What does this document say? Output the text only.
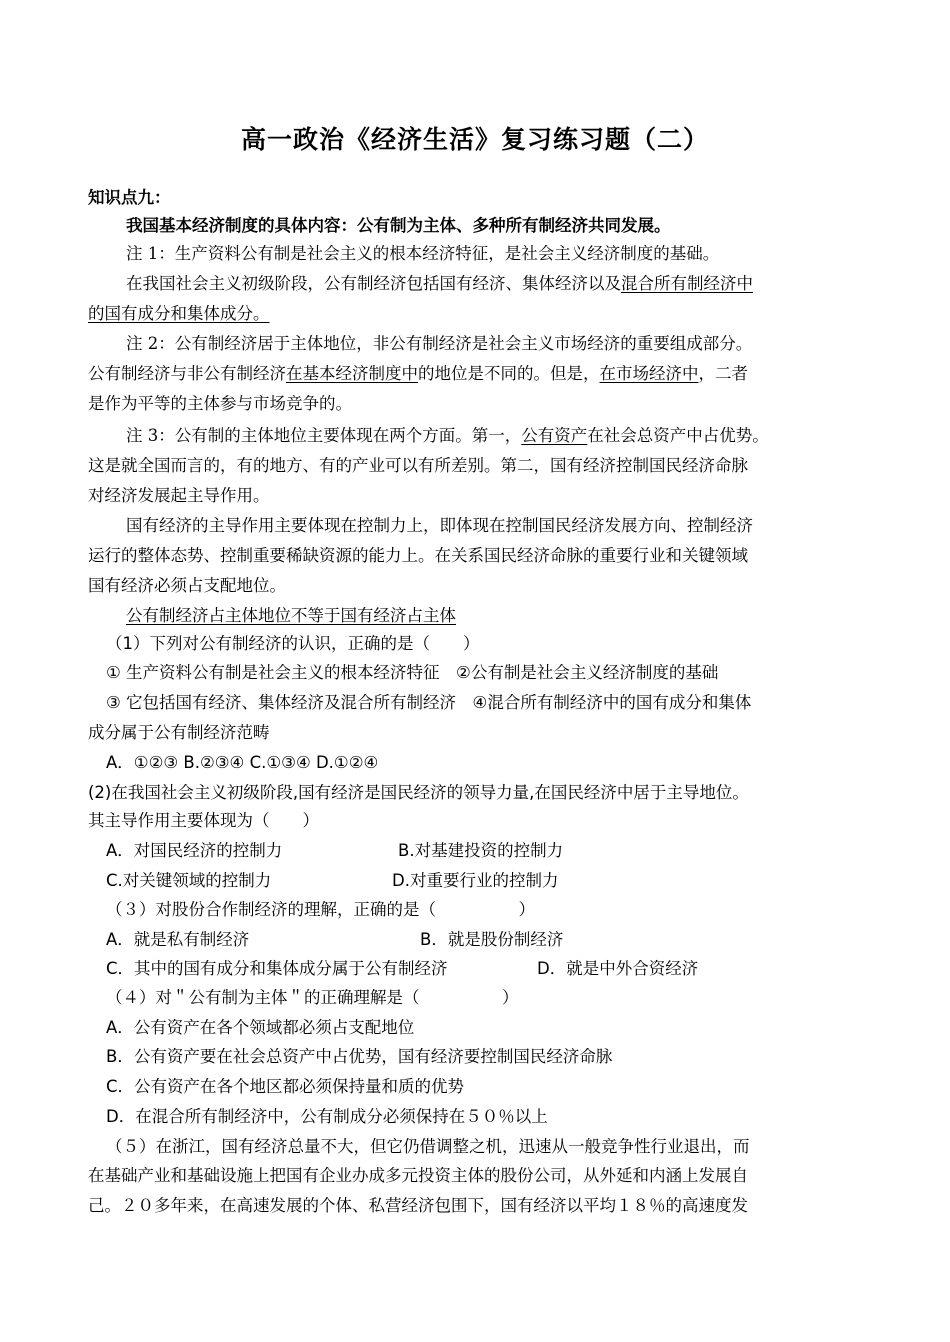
高一政治《经济生活》复习练习题（二）
知识点九：
我国基本经济制度的具体内容：公有制为主体、多种所有制经济共同发展。
注 1：生产资料公有制是社会主义的根本经济特征，是社会主义经济制度的基础。
在我国社会主义初级阶段，公有制经济包括国有经济、集体经济以及混合所有制经济中
的国有成分和集体成分。
注 2：公有制经济居于主体地位，非公有制经济是社会主义市场经济的重要组成部分。
公有制经济与非公有制经济在基本经济制度中的地位是不同的。但是，在市场经济中，二者
是作为平等的主体参与市场竞争的。
注 3：公有制的主体地位主要体现在两个方面。第一，公有资产在社会总资产中占优势。
这是就全国而言的，有的地方、有的产业可以有所差别。第二，国有经济控制国民经济命脉
对经济发展起主导作用。
国有经济的主导作用主要体现在控制力上，即体现在控制国民经济发展方向、控制经济
运行的整体态势、控制重要稀缺资源的能力上。在关系国民经济命脉的重要行业和关键领域
国有经济必须占支配地位。
公有制经济占主体地位不等于国有经济占主体
（1）下列对公有制经济的认识，正确的是（　　）
① 生产资料公有制是社会主义的根本经济特征　②公有制是社会主义经济制度的基础
③ 它包括国有经济、集体经济及混合所有制经济　④混合所有制经济中的国有成分和集体
成分属于公有制经济范畴
A．①②③ B.②③④ C.①③④ D.①②④
(2)在我国社会主义初级阶段,国有经济是国民经济的领导力量,在国民经济中居于主导地位。
其主导作用主要体现为（　　）
A．对国民经济的控制力	B.对基建投资的控制力
C.对关键领域的控制力	D.对重要行业的控制力
（３）对股份合作制经济的理解，正确的是（　　　　　）
A．就是私有制经济	B．就是股份制经济
C．其中的国有成分和集体成分属于公有制经济	D．就是中外合资经济
（４）对＂公有制为主体＂的正确理解是（　　　　　）
A．公有资产在各个领域都必须占支配地位
B．公有资产要在社会总资产中占优势，国有经济要控制国民经济命脉
C．公有资产在各个地区都必须保持量和质的优势
D．在混合所有制经济中，公有制成分必须保持在５０％以上
（５）在浙江，国有经济总量不大，但它仍借调整之机，迅速从一般竞争性行业退出，而
在基础产业和基础设施上把国有企业办成多元投资主体的股份公司，从外延和内涵上发展自
己。２０多年来，在高速发展的个体、私营经济包围下，国有经济以平均１８％的高速度发
